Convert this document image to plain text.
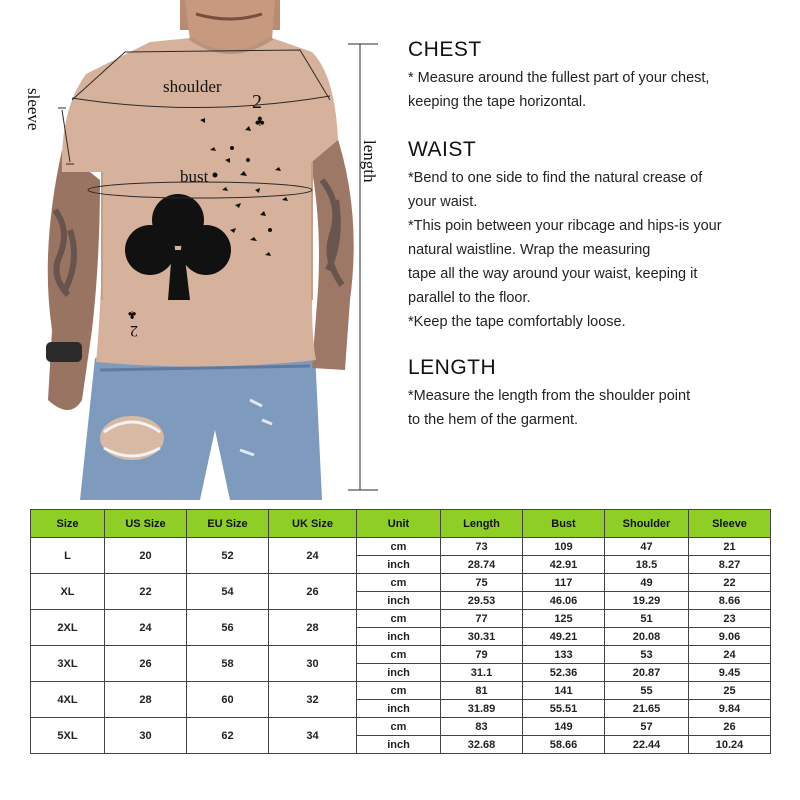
2
♣
2
♣
shoulder
bust
sleeve
length
CHEST
* Measure around the fullest part of your chest,
keeping the tape horizontal.
WAIST
*Bend to one side to find the natural crease of
your waist.
*This poin between your ribcage and hips-is your
natural waistline. Wrap the measuring
tape all the way around your waist, keeping it
parallel to the floor.
*Keep the tape comfortably loose.
LENGTH
*Measure the length from the shoulder point
to the hem of the garment.
Size	US Size	EU Size	UK Size	Unit	Length	Bust	Shoulder	Sleeve
L	20	52	24	cm	73	109	47	21
				inch	28.74	42.91	18.5	8.27
XL	22	54	26	cm	75	117	49	22
				inch	29.53	46.06	19.29	8.66
2XL	24	56	28	cm	77	125	51	23
				inch	30.31	49.21	20.08	9.06
3XL	26	58	30	cm	79	133	53	24
				inch	31.1	52.36	20.87	9.45
4XL	28	60	32	cm	81	141	55	25
				inch	31.89	55.51	21.65	9.84
5XL	30	62	34	cm	83	149	57	26
				inch	32.68	58.66	22.44	10.24
